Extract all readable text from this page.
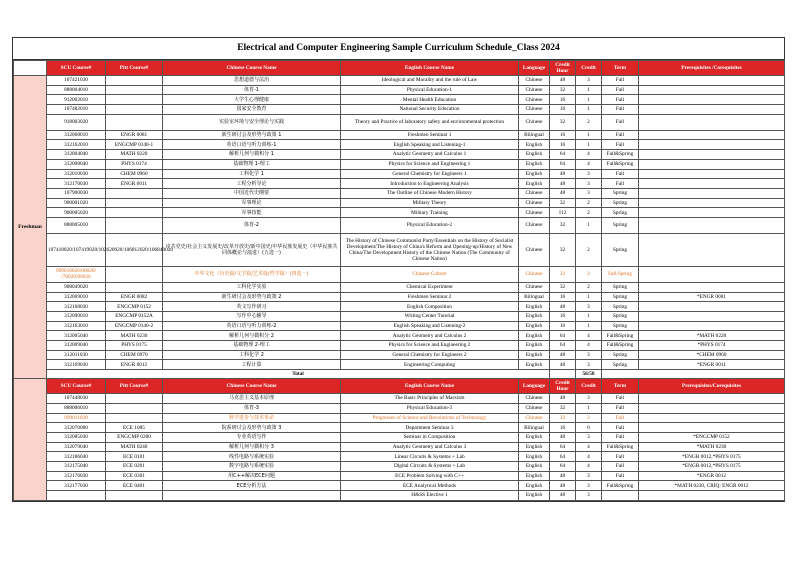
Electrical and Computer Engineering Sample Curriculum Schedule_Class 2024
	SCU Course#	Pitt Course#	Chinese Course Name	English Course Name	Language	Credit Hour	Credit	Term	Prerequisites /Corequisites
Freshman	107421030		思想道德与法治	Ideological and Morality and the rule of Law	Chinese	48	3	Fall	
	888004010		体育-1	Physical Education-1	Chinese	32	1	Fall	
	912002010		大学生心理健康	Mental Health Education	Chinese	16	1	Fall	
	107482010		国家安全教育	National Security Education	Chinese	16	1	Fall	
	918003020		实验室环境与安全理论与实践	Theory and Practice of laboratory safety and environmental protection	Chinese	32	2	Fall	
	312068010	ENGR 0081	新生研讨会及形势与政策 1	Freshmen Seminar 1	Bilingual	16	1	Fall	
	312162010	ENGCMP 0140-1	英语口语与听力训练-1	English Speaking and Listening-1	English	16	1	Fall	
	312004040	MATH 0220	解析几何与微积分 1	Analytic Geometry and Calculus 1	English	64	4	Fall&Spring	
	312008040	PHYS 0174	基础物理 1-理工	Physics for Science and Engineering 1	English	64	4	Fall&Spring	
	312010030	CHEM 0960	工科化学 1	General Chemistry for Engineers 1	English	48	3	Fall	
	312170030	ENGR 0011	工程分析导论	Introduction to Engineering Analysis	English	48	3	Fall	
	107900030		中国近代史纲要	The Outline of Chinese Modern History	Chinese	48	3	Spring	
	900001020		军事理论	Military Theory	Chinese	32	2	Spring	
	900005020		军事技能	Military Training	Chinese	112	2	Spring	
	888005010		体育-2	Physical Education-2	Chinese	32	1	Spring	
	107418020/107419020/102620020/106812020/106840020		中共党史/社会主义发展史/改革开放史/新中国史/中华民族发展史（中华民族共同体概论与演进）(五选一)	The History of Chinese Communist Party/Essentials on the History of Socialist Development/The History of China's Reform and Opening-up/History of New China/The Development History of the Chinese Nation (The Community of Chinese Nation)	Chinese	32	2	Spring	
	999010020/00020/ /70020/00020		中华文化（历史篇/文学篇/艺术篇/哲学篇）(四选一)	Chinese Culture	Chinese	32	2	Fall/Spring	
	908049020		工科化学实验	Chemical Experiment	Chinese	32	2	Spring	
	312069010	ENGR 0082	新生研讨会及形势与政策 2	Freshmen Seminar 2	Bilingual	16	1	Spring	*ENGR 0081
	312168030	ENGCMP 0152	英文写作研习	English Composition	English	48	3	Spring	
	312090010	ENGCMP 0152A	写作中心辅导	Writing Center Tutorial	English	16	1	Spring	
	312163010	ENGCMP 0140-2	英语口语与听力训练-2	English Speaking and Listening-2	English	16	1	Spring	
	312005040	MATH 0230	解析几何与微积分 2	Analytic Geometry and Calculus 2	English	64	4	Fall&Spring	*MATH 0220
	312009040	PHYS 0175	基础物理 2-理工	Physics for Science and Engineering 2	English	64	4	Fall&Spring	*PHYS 0174
	312011030	CHEM 0970	工科化学 2	General Chemistry for Engineers 2	English	48	3	Spring	*CHEM 0960
	312169030	ENGR 0012	工程计算	Engineering Computing	English	48	3	Spring	*ENGR 0011
	Total						56/58		
	SCU Course#	Pitt Course#	Chinese Course Name	English Course Name	Language	Credit Hour	Credit	Term	Prerequisites/Corequisites
	107448030		马克思主义基本原理	The Basic Principles of Marxism	Chinese	48	3	Fall	
	888006010		体育-3	Physical Education-3	Chinese	32	1	Fall	
	999011020		科学进步与技术革命	Progresses of Science and Revolutions of Technology	Chinese	32	2	Fall	
	312070000	ECE 1085	院系研讨会及形势与政策 3	Department Seminar 3	Bilingual	16	0	Fall	
	312085030	ENGCMP 0200	专业英语写作	Seminar in Composition	English	48	3	Fall	*ENGCMP 0152
	312079040	MATH 0240	解析几何与微积分 3	Analytic Geometry and Calculus 3	English	64	4	Fall&Spring	*MATH 0230
	312186040	ECE 0101	线性电路与系统实验	Linear Circuits & Systems + Lab	English	64	4	Fall	*ENGR 0012,*PHYS 0175
	312175040	ECE 0201	数字电路与系统实验	Digital Circuits & Systems + Lab	English	64	4	Fall	*ENGR 0012,*PHYS 0175
	312176030	ECE 0301	用C++解决ECE问题	ECE Problem Solving with C++	English	48	3	Fall	*ENGR 0012
	312177030	ECE 0401	ECE分析方法	ECE Analytical Methods	English	48	3	Fall&Spring	*MATH 0230, CRIQ: ENGR 0012
				H&SS Elective 1	English	48	3		
